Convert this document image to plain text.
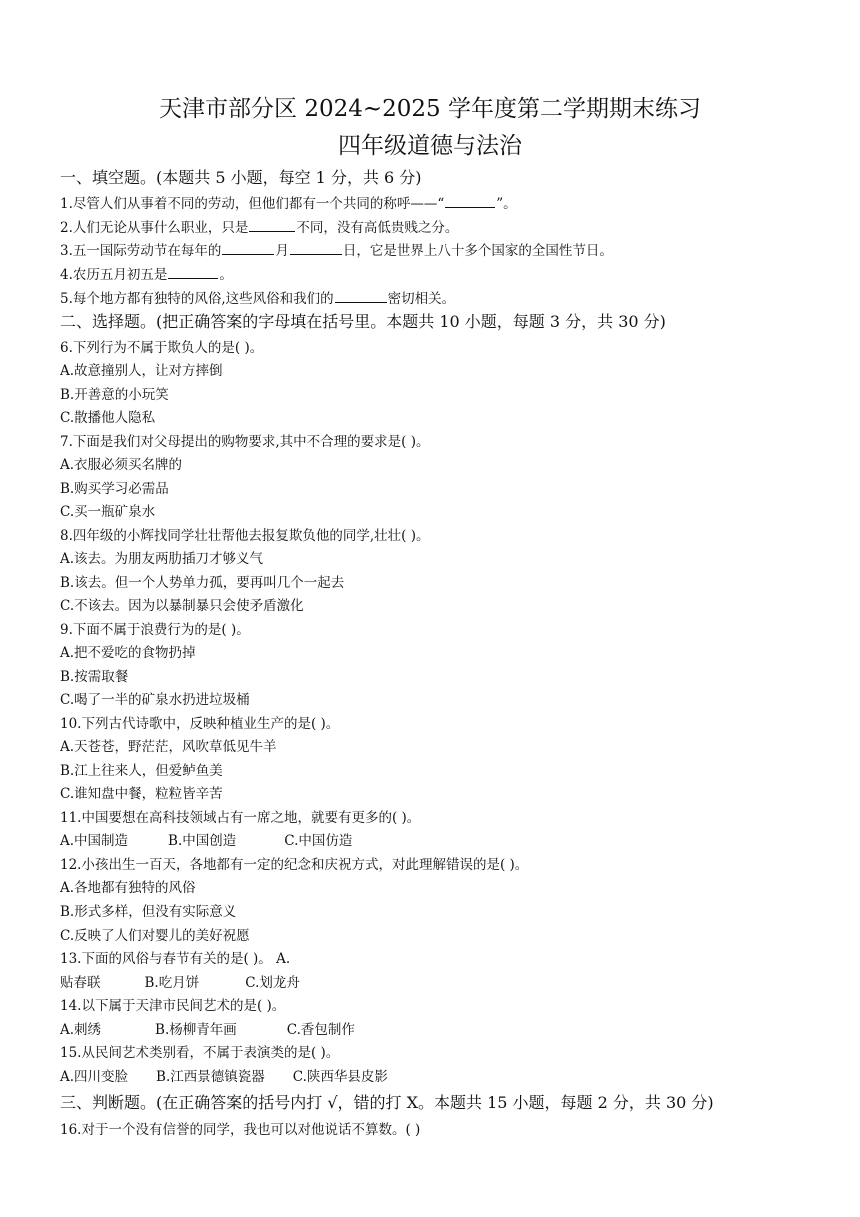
天津市部分区 2024~2025 学年度第二学期期末练习
四年级道德与法治
一、填空题。(本题共 5 小题，每空 1 分，共 6 分)
1.尽管人们从事着不同的劳动，但他们都有一个共同的称呼——“	”。
2.人们无论从事什么职业，只是	不同，没有高低贵贱之分。
3.五一国际劳动节在每年的	月	日，它是世界上八十多个国家的全国性节日。
4.农历五月初五是	。
5.每个地方都有独特的风俗,这些风俗和我们的	密切相关。
二、选择题。(把正确答案的字母填在括号里。本题共 10 小题，每题 3 分，共 30 分)
6.下列行为不属于欺负人的是( )。
A.故意撞别人，让对方摔倒
B.开善意的小玩笑
C.散播他人隐私
7.下面是我们对父母提出的购物要求,其中不合理的要求是( )。
A.衣服必须买名牌的
B.购买学习必需品
C.买一瓶矿泉水
8.四年级的小辉找同学壮壮帮他去报复欺负他的同学,壮壮( )。
A.该去。为朋友两肋插刀才够义气
B.该去。但一个人势单力孤，要再叫几个一起去
C.不该去。因为以暴制暴只会使矛盾激化
9.下面不属于浪费行为的是( )。
A.把不爱吃的食物扔掉
B.按需取餐
C.喝了一半的矿泉水扔进垃圾桶
10.下列古代诗歌中，反映种植业生产的是( )。
A.天苍苍，野茫茫，风吹草低见牛羊
B.江上往来人，但爱鲈鱼美
C.谁知盘中餐，粒粒皆辛苦
11.中国要想在高科技领域占有一席之地，就要有更多的( )。
A.中国制造	B.中国创造	C.中国仿造
12.小孩出生一百天，各地都有一定的纪念和庆祝方式，对此理解错误的是( )。
A.各地都有独特的风俗
B.形式多样，但没有实际意义
C.反映了人们对婴儿的美好祝愿
13.下面的风俗与春节有关的是( )。 A.
贴春联	B.吃月饼	C.划龙舟
14.以下属于天津市民间艺术的是( )。
A.刺绣	B.杨柳青年画	C.香包制作
15.从民间艺术类别看，不属于表演类的是( )。
A.四川变脸 B.江西景德镇瓷器 C.陕西华县皮影
三、判断题。(在正确答案的括号内打 √，错的打 X。本题共 15 小题，每题 2 分，共 30 分)
16.对于一个没有信誉的同学，我也可以对他说话不算数。( )
